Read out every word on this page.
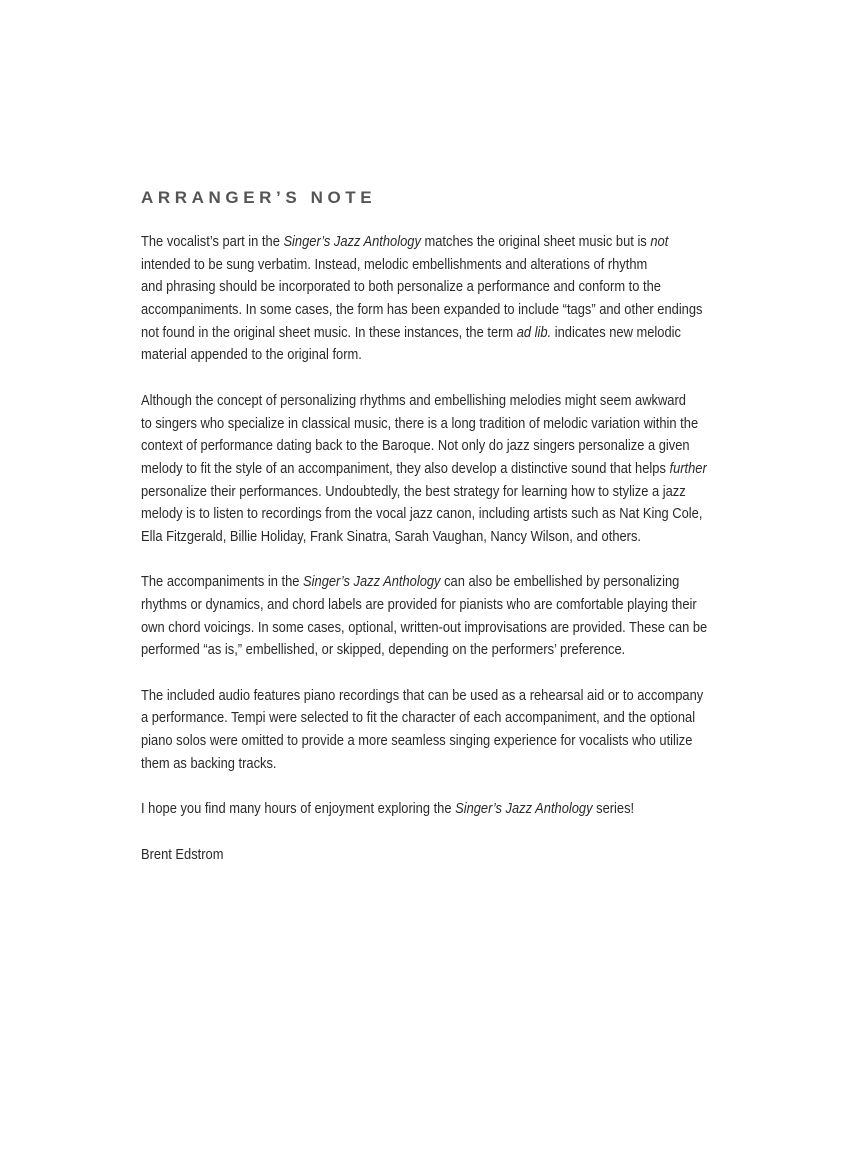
ARRANGER’S NOTE
The vocalist’s part in the Singer’s Jazz Anthology matches the original sheet music but is not
intended to be sung verbatim. Instead, melodic embellishments and alterations of rhythm
and phrasing should be incorporated to both personalize a performance and conform to the
accompaniments. In some cases, the form has been expanded to include “tags” and other endings
not found in the original sheet music. In these instances, the term ad lib. indicates new melodic
material appended to the original form.
Although the concept of personalizing rhythms and embellishing melodies might seem awkward
to singers who specialize in classical music, there is a long tradition of melodic variation within the
context of performance dating back to the Baroque. Not only do jazz singers personalize a given
melody to fit the style of an accompaniment, they also develop a distinctive sound that helps further
personalize their performances. Undoubtedly, the best strategy for learning how to stylize a jazz
melody is to listen to recordings from the vocal jazz canon, including artists such as Nat King Cole,
Ella Fitzgerald, Billie Holiday, Frank Sinatra, Sarah Vaughan, Nancy Wilson, and others.
The accompaniments in the Singer’s Jazz Anthology can also be embellished by personalizing
rhythms or dynamics, and chord labels are provided for pianists who are comfortable playing their
own chord voicings. In some cases, optional, written-out improvisations are provided. These can be
performed “as is,” embellished, or skipped, depending on the performers’ preference.
The included audio features piano recordings that can be used as a rehearsal aid or to accompany
a performance. Tempi were selected to fit the character of each accompaniment, and the optional
piano solos were omitted to provide a more seamless singing experience for vocalists who utilize
them as backing tracks.
I hope you find many hours of enjoyment exploring the Singer’s Jazz Anthology series!
Brent Edstrom
